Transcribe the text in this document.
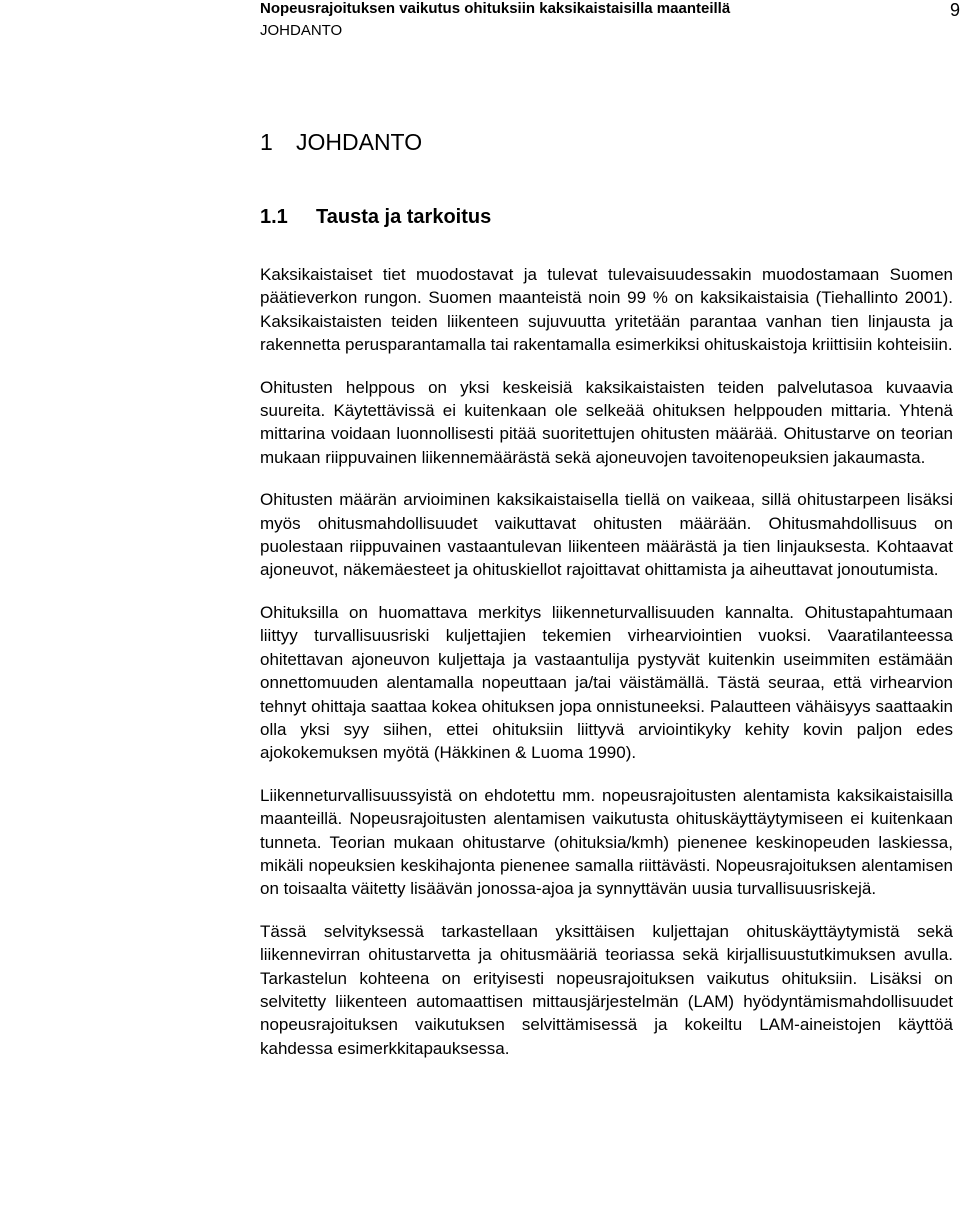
Nopeusrajoituksen vaikutus ohituksiin kaksikaistaisilla maanteillä
JOHDANTO
9
1 JOHDANTO
1.1 Tausta ja tarkoitus

Kaksikaistaiset tiet muodostavat ja tulevat tulevaisuudessakin muodostamaan Suomen päätieverkon rungon. Suomen maanteistä noin 99 % on kaksikaistaisia (Tiehallinto 2001). Kaksikaistaisten teiden liikenteen sujuvuutta yritetään parantaa vanhan tien linjausta ja rakennetta perusparantamalla tai rakentamalla esimerkiksi ohituskaistoja kriittisiin kohteisiin.

Ohitusten helppous on yksi keskeisiä kaksikaistaisten teiden palvelutasoa kuvaavia suureita. Käytettävissä ei kuitenkaan ole selkeää ohituksen helppouden mittaria. Yhtenä mittarina voidaan luonnollisesti pitää suoritettujen ohitusten määrää. Ohitustarve on teorian mukaan riippuvainen liikennemäärästä sekä ajoneuvojen tavoitenopeuksien jakaumasta.

Ohitusten määrän arvioiminen kaksikaistaisella tiellä on vaikeaa, sillä ohitustarpeen lisäksi myös ohitusmahdollisuudet vaikuttavat ohitusten määrään. Ohitusmahdollisuus on puolestaan riippuvainen vastaantulevan liikenteen määrästä ja tien linjauksesta. Kohtaavat ajoneuvot, näkemäesteet ja ohituskiellot rajoittavat ohittamista ja aiheuttavat jonoutumista.

Ohituksilla on huomattava merkitys liikenneturvallisuuden kannalta. Ohitustapahtumaan liittyy turvallisuusriski kuljettajien tekemien virhearviointien vuoksi. Vaaratilanteessa ohitettavan ajoneuvon kuljettaja ja vastaantulija pystyvät kuitenkin useimmiten estämään onnettomuuden alentamalla nopeuttaan ja/tai väistämällä. Tästä seuraa, että virhearvion tehnyt ohittaja saattaa kokea ohituksen jopa onnistuneeksi. Palautteen vähäisyys saattaakin olla yksi syy siihen, ettei ohituksiin liittyvä arviointikyky kehity kovin paljon edes ajokokemuksen myötä (Häkkinen & Luoma 1990).

Liikenneturvallisuussyistä on ehdotettu mm. nopeusrajoitusten alentamista kaksikaistaisilla maanteillä. Nopeusrajoitusten alentamisen vaikutusta ohituskäyttäytymiseen ei kuitenkaan tunneta. Teorian mukaan ohitustarve (ohituksia/kmh) pienenee keskinopeuden laskiessa, mikäli nopeuksien keskihajonta pienenee samalla riittävästi. Nopeusrajoituksen alentamisen on toisaalta väitetty lisäävän jonossa-ajoa ja synnyttävän uusia turvallisuusriskejä.

Tässä selvityksessä tarkastellaan yksittäisen kuljettajan ohituskäyttäytymistä sekä liikennevirran ohitustarvetta ja ohitusmääriä teoriassa sekä kirjallisuustutkimuksen avulla. Tarkastelun kohteena on erityisesti nopeusrajoituksen vaikutus ohituksiin. Lisäksi on selvitetty liikenteen automaattisen mittausjärjestelmän (LAM) hyödyntämismahdollisuudet nopeusrajoituksen vaikutuksen selvittämisessä ja kokeiltu LAM-aineistojen käyttöä kahdessa esimerkkitapauksessa.
